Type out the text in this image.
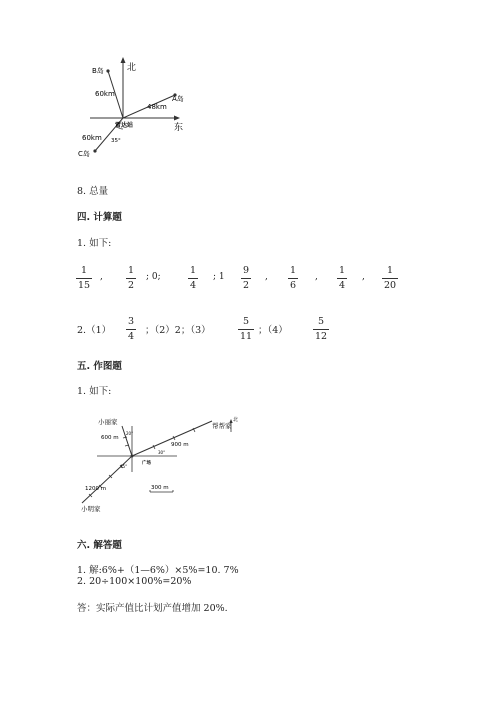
北
东
雷达站
B岛
A岛
C岛
60km
48km
60km 35°
8. 总量
四. 计算题
1. 如下:
1
15
,
1
2
; 0;
1
4
; 1
9
2
,
1
6
,
1
4
,
1
20
2.（1）
3
4 ；（2）2；（3）
5
11 ；（4）
5
12
五. 作图题
1. 如下:
北
300 m
小丽家	帮帮家
小明家
广场
600 m
900 m
1200 m
20°
30°
45°
六. 解答题
1. 解:6%+（1—6%）×5%=10. 7%
2. 20÷100×100%=20%
答：实际产值比计划产值增加 20%.
